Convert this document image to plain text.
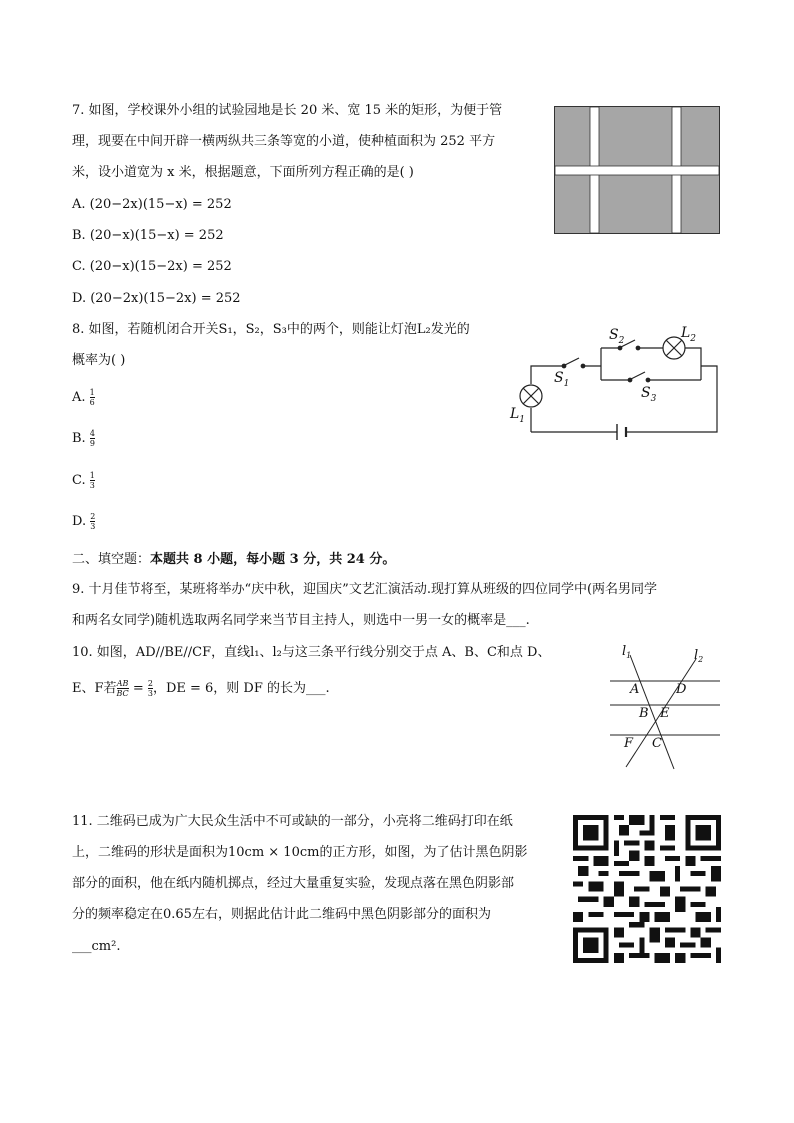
7. 如图，学校课外小组的试验园地是长 20 米、宽 15 米的矩形，为便于管
理，现要在中间开辟一横两纵共三条等宽的小道，使种植面积为 252 平方
米，设小道宽为 x 米，根据题意，下面所列方程正确的是( )
A. (20−2x)(15−x) = 252
B. (20−x)(15−x) = 252
C. (20−x)(15−2x) = 252
D. (20−2x)(15−2x) = 252
8. 如图，若随机闭合开关S₁，S₂，S₃中的两个，则能让灯泡L₂发光的
概率为( )
A. $\frac{1}{6}$
B. $\frac{4}{9}$
C. $\frac{1}{3}$
D. $\frac{2}{3}$
$S_2$	$L_2$
$S_1$
$S_3$
$L_1$
二、填空题：本题共 8 小题，每小题 3 分，共 24 分。
9. 十月佳节将至，某班将举办“庆中秋，迎国庆”文艺汇演活动.现打算从班级的四位同学中(两名男同学
和两名女同学)随机选取两名同学来当节目主持人，则选中一男一女的概率是___.
10. 如图，AD//BE//CF，直线l₁、l₂与这三条平行线分别交于点 A、B、C和点 D、
E、F若 $\frac{AB}{BC} = \frac{2}{3}$ ，DE = 6，则 DF 的长为___.
$l_1$	$l_2$
A	D
B E
F C
11. 二维码已成为广大民众生活中不可或缺的一部分，小亮将二维码打印在纸
上，二维码的形状是面积为10cm × 10cm的正方形，如图，为了估计黑色阴影
部分的面积，他在纸内随机掷点，经过大量重复实验，发现点落在黑色阴影部
分的频率稳定在0.65左右，则据此估计此二维码中黑色阴影部分的面积为
___cm².
